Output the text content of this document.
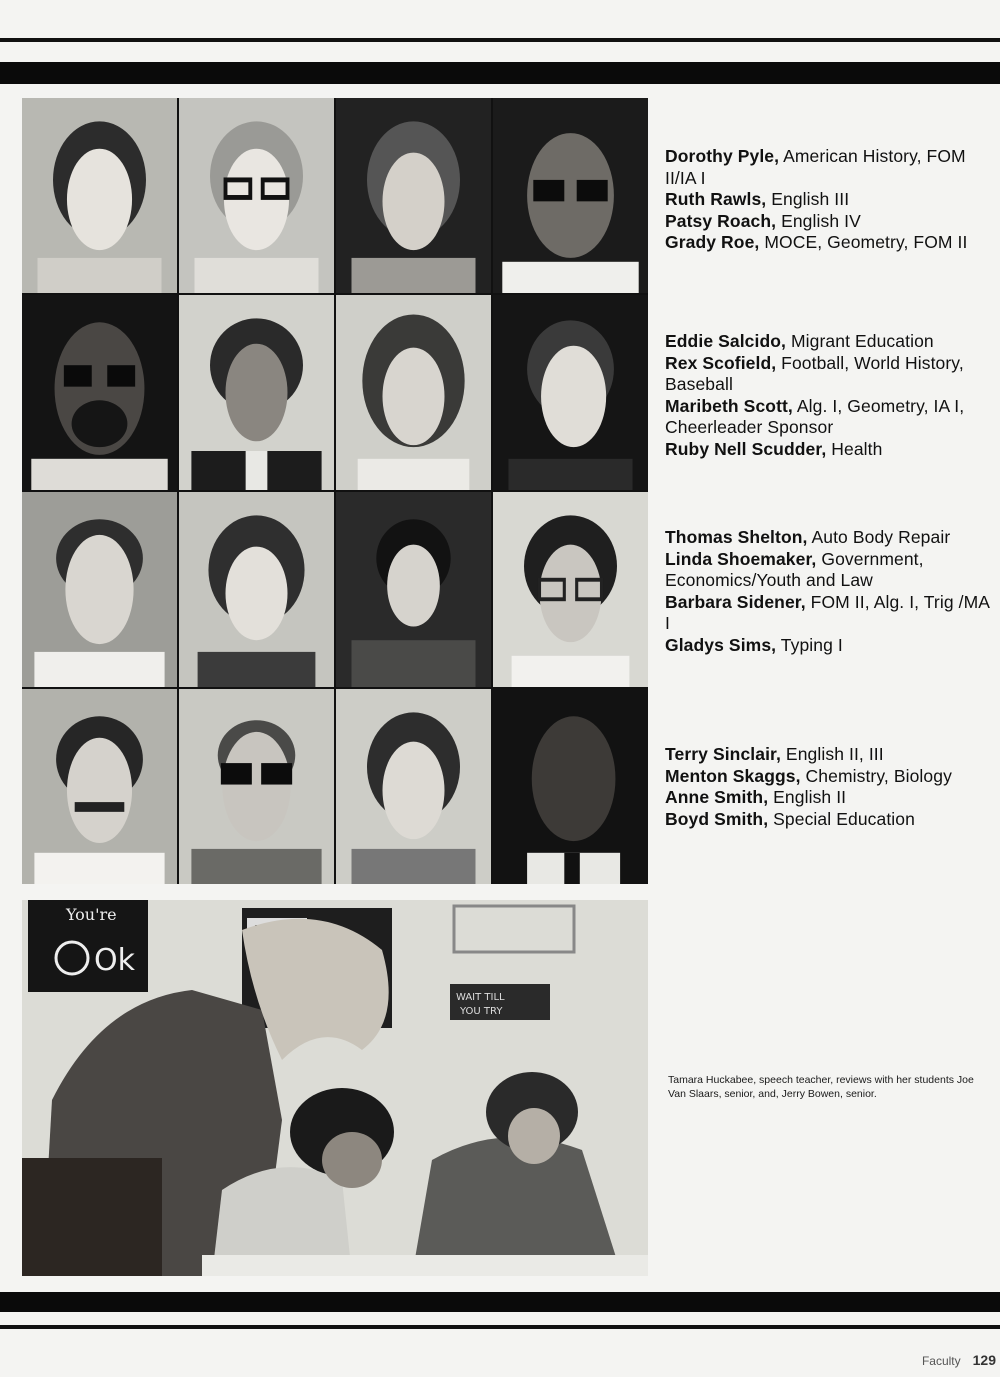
Dorothy Pyle, American History, FOM II/IA I

Ruth Rawls, English III

Patsy Roach, English IV

Grady Roe, MOCE, Geometry, FOM II

Eddie Salcido, Migrant Education

Rex Scofield, Football, World History, Baseball

Maribeth Scott, Alg. I, Geometry, IA I, Cheerleader Sponsor

Ruby Nell Scudder, Health

Thomas Shelton, Auto Body Repair

Linda Shoemaker, Government, Economics/Youth and Law

Barbara Sidener, FOM II, Alg. I, Trig /MA I

Gladys Sims, Typing I

Terry Sinclair, English II, III

Menton Skaggs, Chemistry, Biology

Anne Smith, English II

Boyd Smith, Special Education

You're
Ok
WAIT TILL
YOU TRY
Tamara Huckabee, speech teacher, reviews with her students Joe Van Slaars, senior, and, Jerry Bowen, senior.
Faculty 129
